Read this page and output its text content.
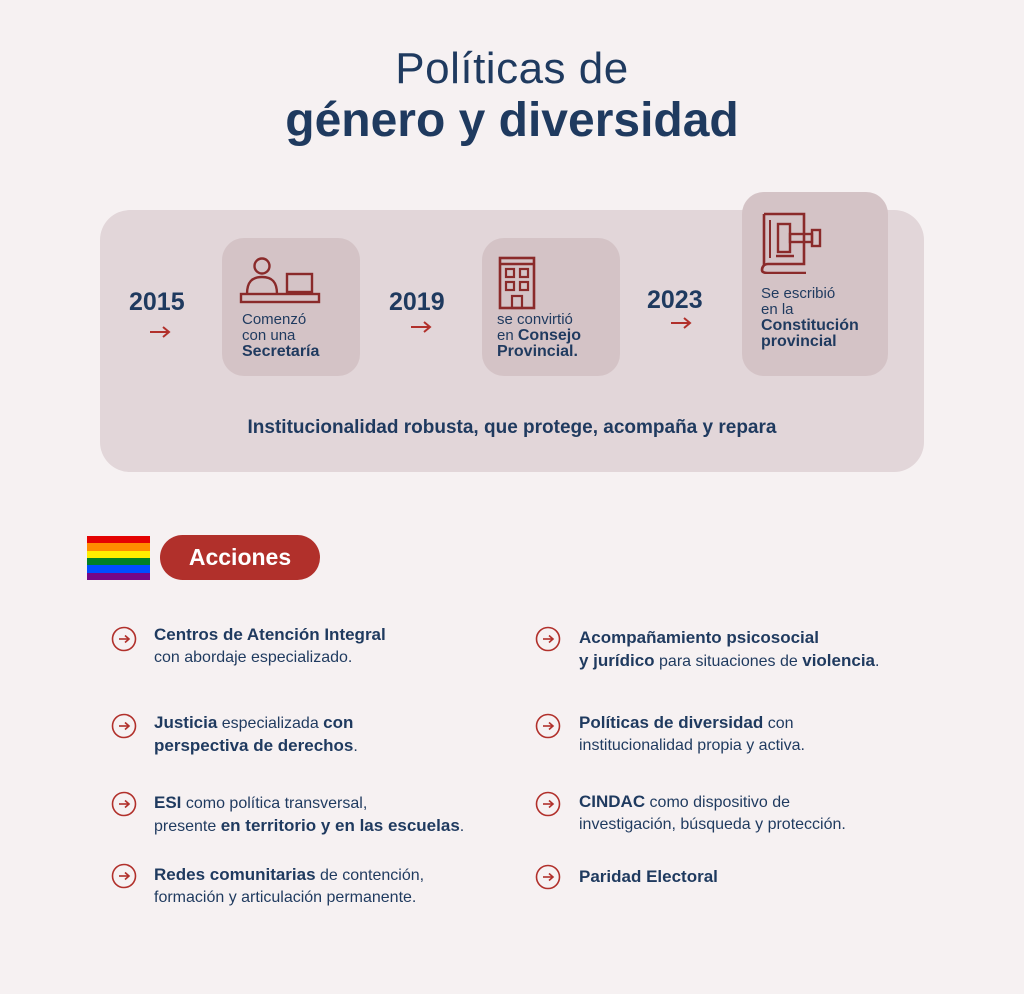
Políticas de
género y diversidad
2015
Comenzó
con una
Secretaría
2019
se convirtió
en Consejo
Provincial.
2023	Se escribió
en la
Constitución
provincial
Institucionalidad robusta, que protege, acompaña y repara
Acciones
Centros de Atención Integral
con abordaje especializado.
Justicia especializada con
perspectiva de derechos.
ESI como política transversal,
presente en territorio y en las escuelas.
Redes comunitarias de contención,
formación y articulación permanente.
Acompañamiento psicosocial
y jurídico para situaciones de violencia.
Políticas de diversidad con
institucionalidad propia y activa.
CINDAC como dispositivo de
investigación, búsqueda y protección.
Paridad Electoral
